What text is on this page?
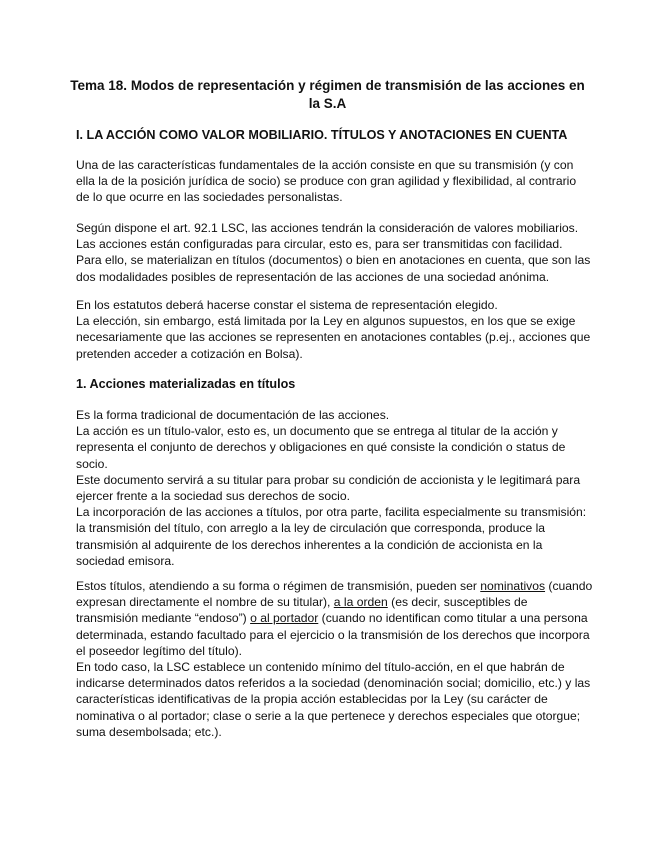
Tema 18. Modos de representación y régimen de transmisión de las acciones en
la S.A
I. LA ACCIÓN COMO VALOR MOBILIARIO. TÍTULOS Y ANOTACIONES EN CUENTA
Una de las características fundamentales de la acción consiste en que su transmisión (y con
ella la de la posición jurídica de socio) se produce con gran agilidad y flexibilidad, al contrario
de lo que ocurre en las sociedades personalistas.
Según dispone el art. 92.1 LSC, las acciones tendrán la consideración de valores mobiliarios.
Las acciones están configuradas para circular, esto es, para ser transmitidas con facilidad.
Para ello, se materializan en títulos (documentos) o bien en anotaciones en cuenta, que son las
dos modalidades posibles de representación de las acciones de una sociedad anónima.
En los estatutos deberá hacerse constar el sistema de representación elegido.
La elección, sin embargo, está limitada por la Ley en algunos supuestos, en los que se exige
necesariamente que las acciones se representen en anotaciones contables (p.ej., acciones que
pretenden acceder a cotización en Bolsa).
1. Acciones materializadas en títulos
Es la forma tradicional de documentación de las acciones.
La acción es un título-valor, esto es, un documento que se entrega al titular de la acción y
representa el conjunto de derechos y obligaciones en qué consiste la condición o status de
socio.
Este documento servirá a su titular para probar su condición de accionista y le legitimará para
ejercer frente a la sociedad sus derechos de socio.
La incorporación de las acciones a títulos, por otra parte, facilita especialmente su transmisión:
la transmisión del título, con arreglo a la ley de circulación que corresponda, produce la
transmisión al adquirente de los derechos inherentes a la condición de accionista en la
sociedad emisora.
Estos títulos, atendiendo a su forma o régimen de transmisión, pueden ser nominativos (cuando
expresan directamente el nombre de su titular), a la orden (es decir, susceptibles de
transmisión mediante “endoso”) o al portador (cuando no identifican como titular a una persona
determinada, estando facultado para el ejercicio o la transmisión de los derechos que incorpora
el poseedor legítimo del título).
En todo caso, la LSC establece un contenido mínimo del título-acción, en el que habrán de
indicarse determinados datos referidos a la sociedad (denominación social; domicilio, etc.) y las
características identificativas de la propia acción establecidas por la Ley (su carácter de
nominativa o al portador; clase o serie a la que pertenece y derechos especiales que otorgue;
suma desembolsada; etc.).
